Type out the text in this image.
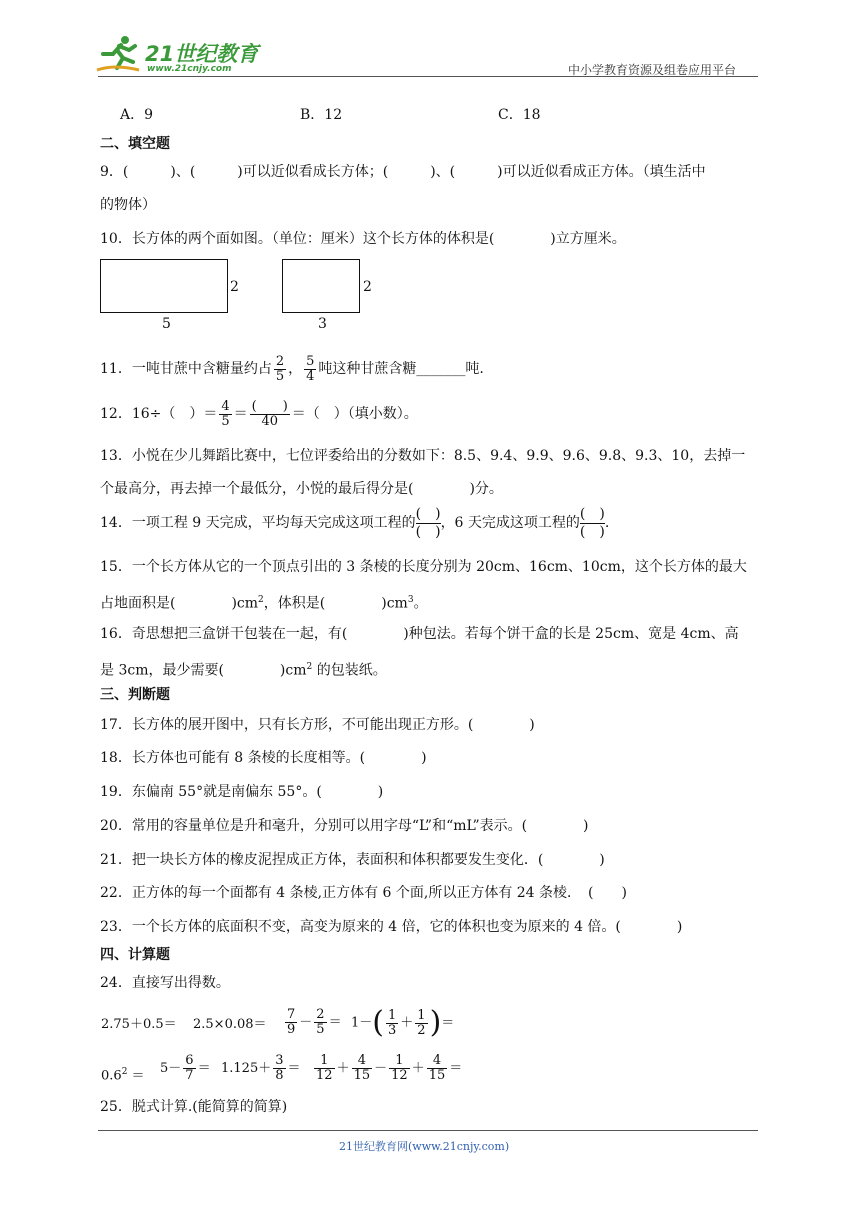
21世纪教育
www.21cnjy.com	中小学教育资源及组卷应用平台
A．9	B．12	C．18
二、填空题
9．(　　　)、(　　　)可以近似看成长方体；(　　　)、(　　　)可以近似看成正方体。（填生活中
的物体）
10．长方体的两个面如图。（单位：厘米）这个长方体的体积是(　　　　)立方厘米。
2
5
2
3
11．一吨甘蔗中含糖量约占 $\frac{2}{5}$ ， $\frac{5}{4}$ 吨这种甘蔗含糖_______吨.
12．16÷（　）＝ $\frac{4}{5} = \frac{( )}{40}$ ＝（　）（填小数）。
13．小悦在少儿舞蹈比赛中，七位评委给出的分数如下：8.5、9.4、9.9、9.6、9.8、9.3、10，去掉一
个最高分，再去掉一个最低分，小悦的最后得分是(　　　　)分。
14．一项工程 9 天完成，平均每天完成这项工程的
(　)
(　)
，6 天完成这项工程的
(　)
(　)
.
15．一个长方体从它的一个顶点引出的 3 条棱的长度分别为 20cm、16cm、10cm，这个长方体的最大
占地面积是(　　　　)$cm^2$，体积是(　　　　)$cm^3$。
16．奇思想把三盒饼干包装在一起，有(　　　　)种包法。若每个饼干盒的长是 25cm、宽是 4cm、高
是 3cm，最少需要(　　　　)$cm^2$ 的包装纸。
三、判断题
17．长方体的展开图中，只有长方形，不可能出现正方形。(　　　　)
18．长方体也可能有 8 条棱的长度相等。(　　　　)
19．东偏南 55°就是南偏东 55°。(　　　　)
20．常用的容量单位是升和毫升，分别可以用字母“L”和“mL”表示。(　　　　)
21．把一块长方体的橡皮泥捏成正方体，表面积和体积都要发生变化．(　　　　)
22．正方体的每一个面都有 4 条棱,正方体有 6 个面,所以正方体有 24 条棱．　(　　)
23．一个长方体的底面积不变，高变为原来的 4 倍，它的体积也变为原来的 4 倍。(　　　　)
四、计算题
24．直接写出得数。
$2.75+0.5= 2.5\times 0.08= \frac{7}{9} - \frac{2}{5} = 1-( \frac{1}{3} + \frac{1}{2}$ )＝
$0.6^2 = 5- \frac{6}{7} = 1.125+ \frac{3}{8} = \frac{1}{12} + \frac{4}{15} - \frac{1}{12} + \frac{4}{15}$ ＝
25．脱式计算.(能简算的简算)
21世纪教育网(www.21cnjy.com)
